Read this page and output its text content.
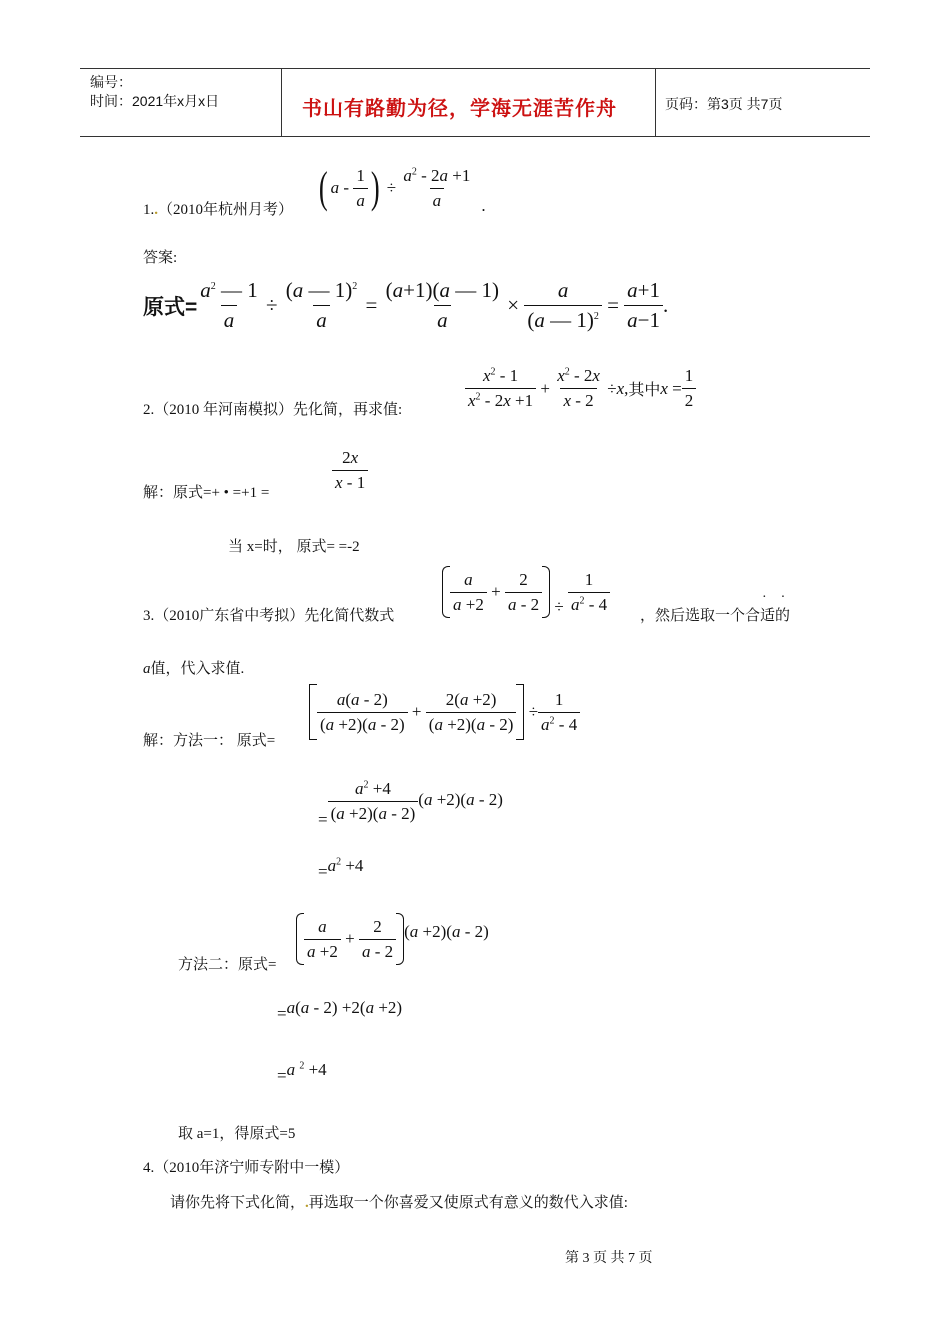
编号：
时间：2021年x月x日	书山有路勤为径，学海无涯苦作舟	页码：第3页 共7页
1..（2010年杭州月考） ( a -
1
a ) ÷
$a^2 - 2a +1$
a .
答案:
原式= $\frac{a^2 — 1}{a}$ ÷
(a — 1)$^2$
a
=
(a+1)(a — 1)
a
×
a
(a — 1)$^2$ =
a+1
a−1
.
2.（2010 年河南模拟）先化简，再求值:
$x^2 - 1$
$x^2 - 2x +1$
+
$x^2 - 2x$
x - 2
÷ x , 其中 x =
1
2
解：原式=+ • =+1 =	$\frac{2x}{x - 1}$
当 x=时， 原式= =-2
3.（2010广东省中考拟）先化简代数式
a
a +2
+
2
$a - 2 \div \frac{1}{a^2 - 4}$
，然后选取一个合适的
·    ·
a值，代入求值.
解：方法一： 原式=
a(a - 2)
(a +2)(a - 2)
+
2(a +2)
(a +2)(a - 2)
÷
1
$a^2 - 4$
= $\frac{a^2 +4}{(a +2)(a - 2)} (a +2)(a - 2)$
$=a^2 +4$
方法二：原式=
a
a +2
+
2
a - 2
(a +2)(a - 2)
=a(a - 2) +2(a +2)
=a $^2$ +4
取 a=1，得原式=5
4.（2010年济宁师专附中一模）
请你先将下式化简，.再选取一个你喜爱又使原式有意义的数代入求值:
第 3 页 共 7 页
